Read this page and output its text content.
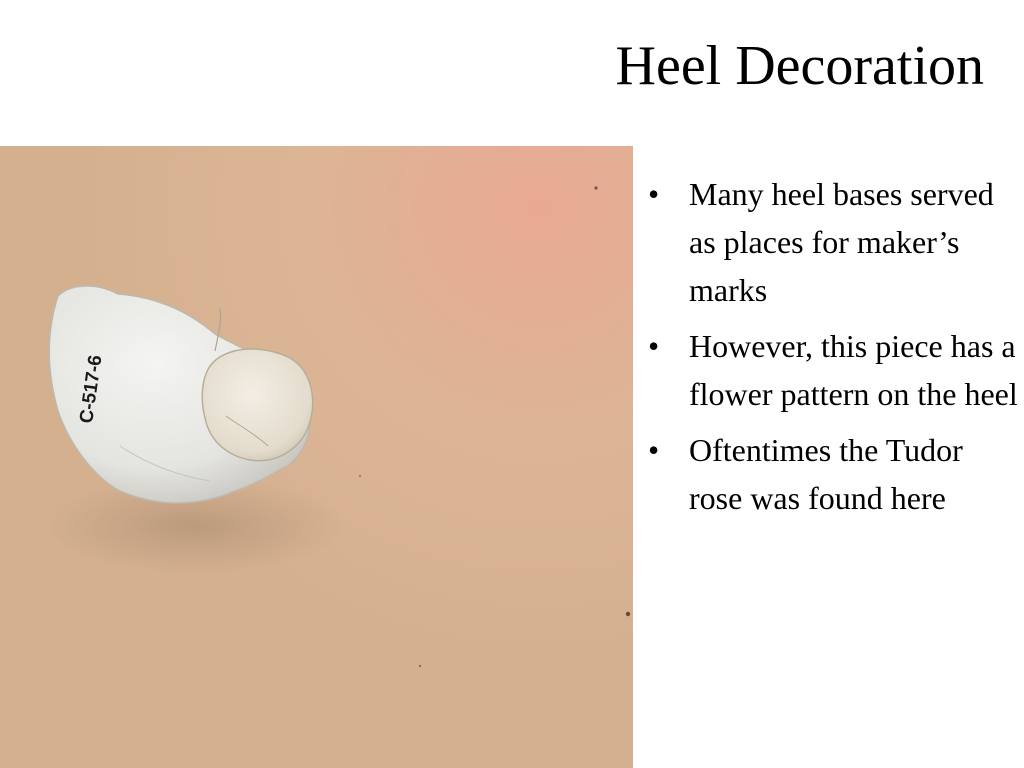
Heel Decoration
C-517-6
• Many heel bases served as places for maker’s marks
• However, this piece has a flower pattern on the heel
• Oftentimes the Tudor rose was found here
